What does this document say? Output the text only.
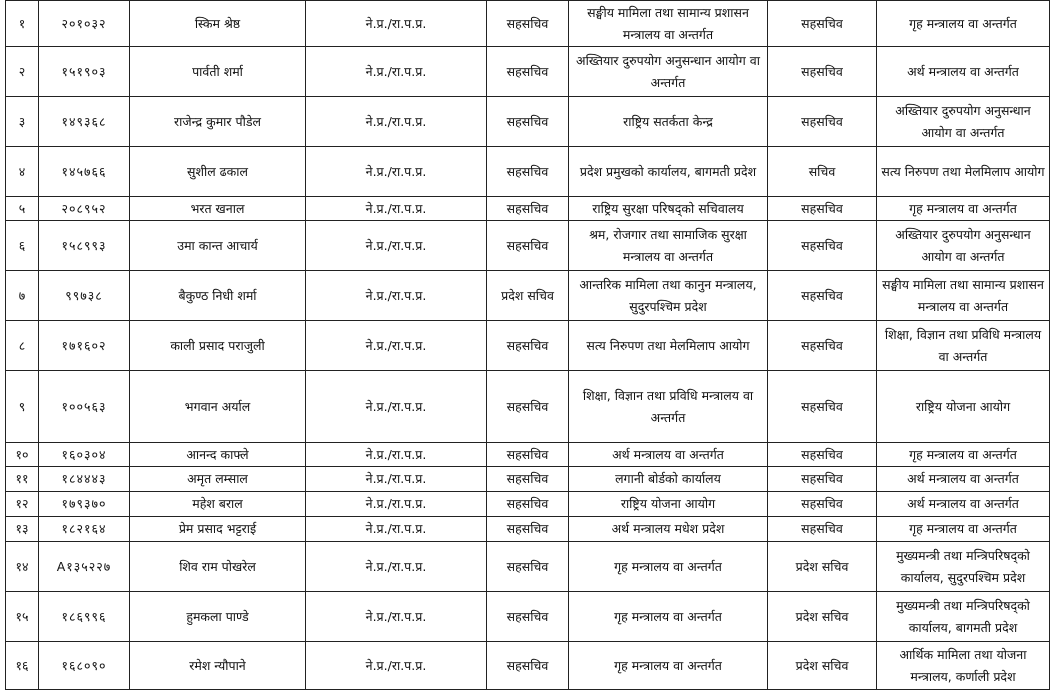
१	२०१०३२	स्किम श्रेष्ठ	ने.प्र./रा.प.प्र.	सहसचिव	सङ्घीय मामिला तथा सामान्य प्रशासन मन्त्रालय वा अन्तर्गत	सहसचिव	गृह मन्त्रालय वा अन्तर्गत
२	१५१९०३	पार्वती शर्मा	ने.प्र./रा.प.प्र.	सहसचिव	अख्तियार दुरुपयोग अनुसन्धान आयोग वा अन्तर्गत	सहसचिव	अर्थ मन्त्रालय वा अन्तर्गत
३	१४९३६८	राजेन्द्र कुमार पौडेल	ने.प्र./रा.प.प्र.	सहसचिव	राष्ट्रिय सतर्कता केन्द्र	सहसचिव	अख्तियार दुरुपयोग अनुसन्धान आयोग वा अन्तर्गत
४	१४५७६६	सुशील ढकाल	ने.प्र./रा.प.प्र.	सहसचिव	प्रदेश प्रमुखको कार्यालय, बागमती प्रदेश	सचिव	सत्य निरुपण तथा मेलमिलाप आयोग
५	२०८९५२	भरत खनाल	ने.प्र./रा.प.प्र.	सहसचिव	राष्ट्रिय सुरक्षा परिषद्को सचिवालय	सहसचिव	गृह मन्त्रालय वा अन्तर्गत
६	१५८९९३	उमा कान्त आचार्य	ने.प्र./रा.प.प्र.	सहसचिव	श्रम, रोजगार तथा सामाजिक सुरक्षा मन्त्रालय वा अन्तर्गत	सहसचिव	अख्तियार दुरुपयोग अनुसन्धान आयोग वा अन्तर्गत
७	९९७३८	बैकुण्ठ निधी शर्मा	ने.प्र./रा.प.प्र.	प्रदेश सचिव	आन्तरिक मामिला तथा कानुन मन्त्रालय, सुदुरपश्चिम प्रदेश	सहसचिव	सङ्घीय मामिला तथा सामान्य प्रशासन मन्त्रालय वा अन्तर्गत
८	१७१६०२	काली प्रसाद पराजुली	ने.प्र./रा.प.प्र.	सहसचिव	सत्य निरुपण तथा मेलमिलाप आयोग	सहसचिव	शिक्षा, विज्ञान तथा प्रविधि मन्त्रालय वा अन्तर्गत
९	१००५६३	भगवान अर्याल	ने.प्र./रा.प.प्र.	सहसचिव	शिक्षा, विज्ञान तथा प्रविधि मन्त्रालय वा अन्तर्गत	सहसचिव	राष्ट्रिय योजना आयोग
१०	१६०३०४	आनन्द काफ्ले	ने.प्र./रा.प.प्र.	सहसचिव	अर्थ मन्त्रालय वा अन्तर्गत	सहसचिव	गृह मन्त्रालय वा अन्तर्गत
११	१८४४४३	अमृत लम्साल	ने.प्र./रा.प.प्र.	सहसचिव	लगानी बोर्डको कार्यालय	सहसचिव	अर्थ मन्त्रालय वा अन्तर्गत
१२	१७९३७०	महेश बराल	ने.प्र./रा.प.प्र.	सहसचिव	राष्ट्रिय योजना आयोग	सहसचिव	अर्थ मन्त्रालय वा अन्तर्गत
१३	१८२१६४	प्रेम प्रसाद भट्टराई	ने.प्र./रा.प.प्र.	सहसचिव	अर्थ मन्त्रालय मधेश प्रदेश	सहसचिव	गृह मन्त्रालय वा अन्तर्गत
१४	A१३५२२७	शिव राम पोखरेल	ने.प्र./रा.प.प्र.	सहसचिव	गृह मन्त्रालय वा अन्तर्गत	प्रदेश सचिव	मुख्यमन्त्री तथा मन्त्रिपरिषद्को कार्यालय, सुदुरपश्चिम प्रदेश
१५	१८६९९६	हुमकला पाण्डे	ने.प्र./रा.प.प्र.	सहसचिव	गृह मन्त्रालय वा अन्तर्गत	प्रदेश सचिव	मुख्यमन्त्री तथा मन्त्रिपरिषद्को कार्यालय, बागमती प्रदेश
१६	१६८०९०	रमेश न्यौपाने	ने.प्र./रा.प.प्र.	सहसचिव	गृह मन्त्रालय वा अन्तर्गत	प्रदेश सचिव	आर्थिक मामिला तथा योजना मन्त्रालय, कर्णाली प्रदेश
